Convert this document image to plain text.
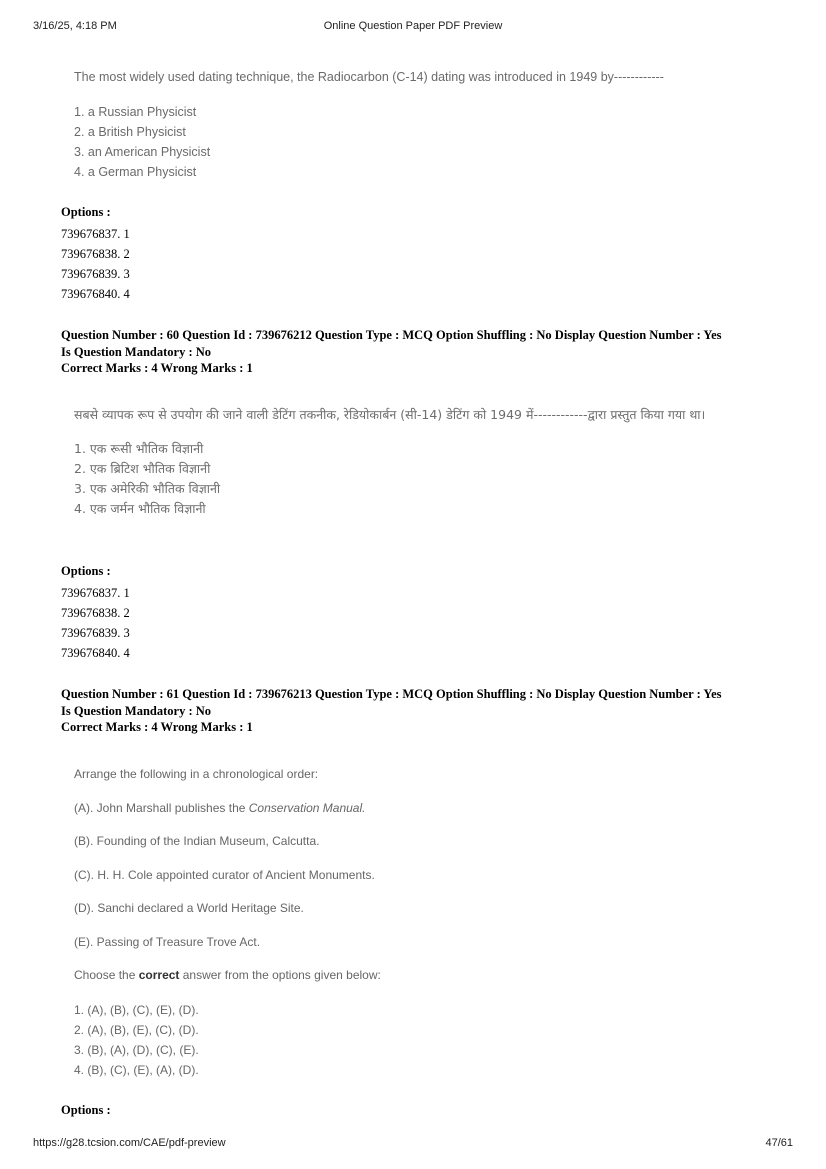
3/16/25, 4:18 PM	Online Question Paper PDF Preview

The most widely used dating technique, the Radiocarbon (C-14) dating was introduced in 1949 by------------

1. a Russian Physicist

2. a British Physicist

3. an American Physicist

4. a German Physicist

Options :
739676837. 1
739676838. 2
739676839. 3
739676840. 4
Question Number : 60 Question Id : 739676212 Question Type : MCQ Option Shuffling : No Display Question Number : Yes
Is Question Mandatory : No
Correct Marks : 4 Wrong Marks : 1

सबसे व्यापक रूप से उपयोग की जाने वाली डेटिंग तकनीक, रेडियोकार्बन (सी-14) डेटिंग को 1949 में------------द्वारा प्रस्तुत किया गया था।

1. एक रूसी भौतिक विज्ञानी

2. एक ब्रिटिश भौतिक विज्ञानी

3. एक अमेरिकी भौतिक विज्ञानी

4. एक जर्मन भौतिक विज्ञानी

Options :
739676837. 1
739676838. 2
739676839. 3
739676840. 4
Question Number : 61 Question Id : 739676213 Question Type : MCQ Option Shuffling : No Display Question Number : Yes
Is Question Mandatory : No
Correct Marks : 4 Wrong Marks : 1
Arrange the following in a chronological order:
(A). John Marshall publishes the Conservation Manual.
(B). Founding of the Indian Museum, Calcutta.
(C). H. H. Cole appointed curator of Ancient Monuments.
(D). Sanchi declared a World Heritage Site.
(E). Passing of Treasure Trove Act.
Choose the correct answer from the options given below:
1. (A), (B), (C), (E), (D).
2. (A), (B), (E), (C), (D).
3. (B), (A), (D), (C), (E).
4. (B), (C), (E), (A), (D).
Options :
https://g28.tcsion.com/CAE/pdf-preview	47/61
